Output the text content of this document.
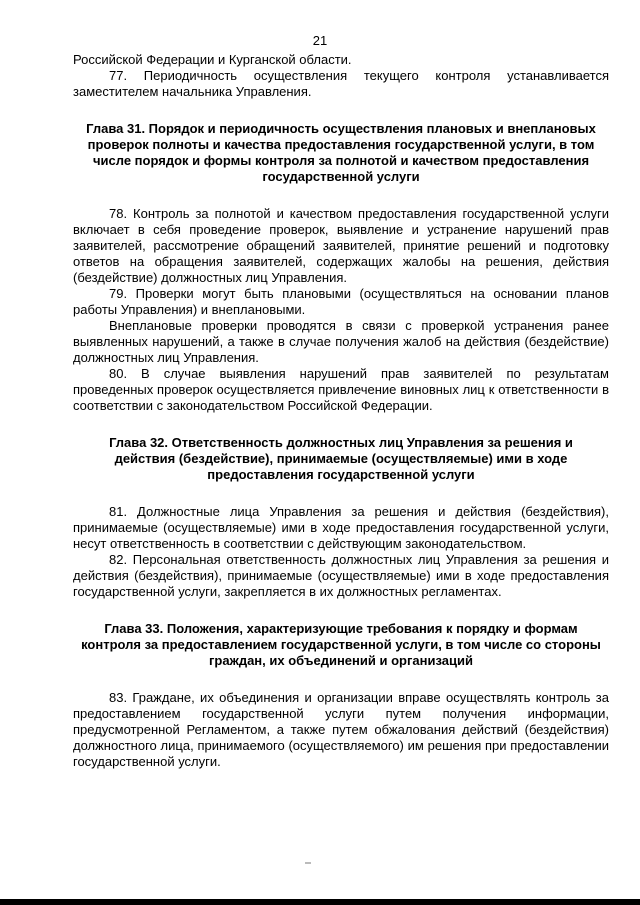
21

Российской Федерации и Курганской области.

77. Периодичность осуществления текущего контроля устанавливается заместителем начальника Управления.

Глава 31. Порядок и периодичность осуществления плановых и внеплановых проверок полноты и качества предоставления государственной услуги, в том числе порядок и формы контроля за полнотой и качеством предоставления государственной услуги

78. Контроль за полнотой и качеством предоставления государственной услуги включает в себя проведение проверок, выявление и устранение нарушений прав заявителей, рассмотрение обращений заявителей, принятие решений и подготовку ответов на обращения заявителей, содержащих жалобы на решения, действия (бездействие) должностных лиц Управления.

79. Проверки могут быть плановыми (осуществляться на основании планов работы Управления) и внеплановыми.

Внеплановые проверки проводятся в связи с проверкой устранения ранее выявленных нарушений, а также в случае получения жалоб на действия (бездействие) должностных лиц Управления.

80. В случае выявления нарушений прав заявителей по результатам проведенных проверок осуществляется привлечение виновных лиц к ответственности в соответствии с законодательством Российской Федерации.

Глава 32. Ответственность должностных лиц Управления за решения и действия (бездействие), принимаемые (осуществляемые) ими в ходе предоставления государственной услуги

81. Должностные лица Управления за решения и действия (бездействия), принимаемые (осуществляемые) ими в ходе предоставления государственной услуги, несут ответственность в соответствии с действующим законодательством.

82. Персональная ответственность должностных лиц Управления за решения и действия (бездействия), принимаемые (осуществляемые) ими в ходе предоставления государственной услуги, закрепляется в их должностных регламентах.

Глава 33. Положения, характеризующие требования к порядку и формам контроля за предоставлением государственной услуги, в том числе со стороны граждан, их объединений и организаций

83. Граждане, их объединения и организации вправе осуществлять контроль за предоставлением государственной услуги путем получения информации, предусмотренной Регламентом, а также путем обжалования действий (бездействия) должностного лица, принимаемого (осуществляемого) им решения при предоставлении государственной услуги.
